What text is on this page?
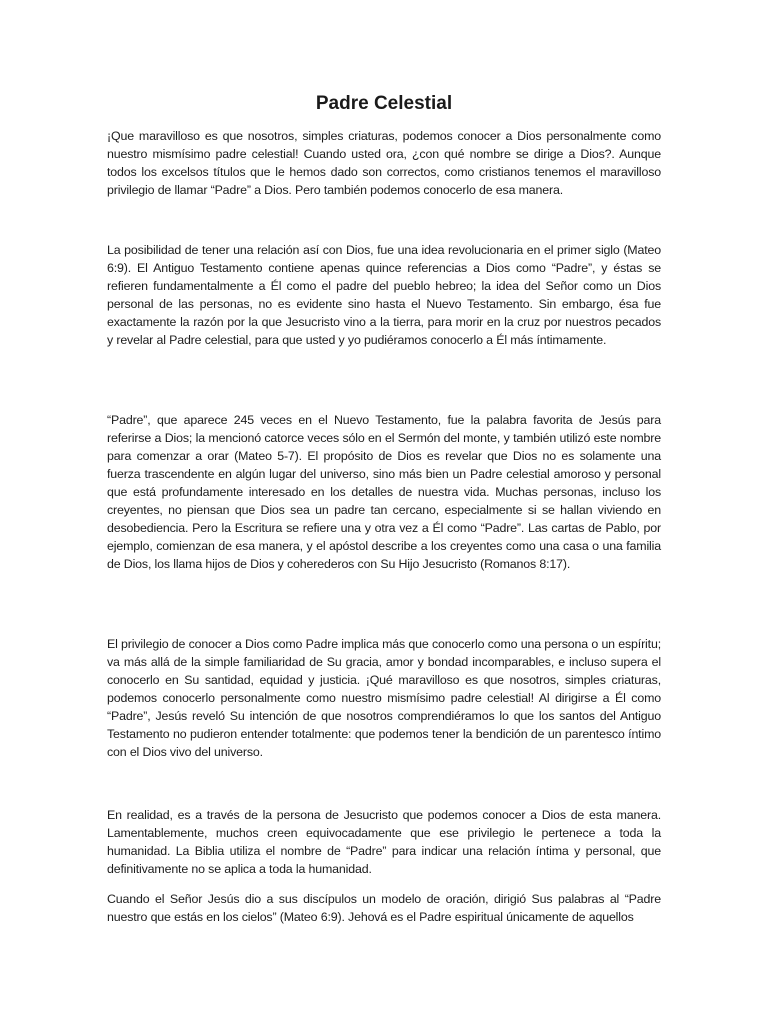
Padre Celestial

¡Que maravilloso es que nosotros, simples criaturas, podemos conocer a Dios personalmente como nuestro mismísimo padre celestial! Cuando usted ora, ¿con qué nombre se dirige a Dios?. Aunque todos los excelsos títulos que le hemos dado son correctos, como cristianos tenemos el maravilloso privilegio de llamar “Padre” a Dios. Pero también podemos conocerlo de esa manera.

La posibilidad de tener una relación así con Dios, fue una idea revolucionaria en el primer siglo (Mateo 6:9). El Antiguo Testamento contiene apenas quince referencias a Dios como “Padre”, y éstas se refieren fundamentalmente a Él como el padre del pueblo hebreo; la idea del Señor como un Dios personal de las personas, no es evidente sino hasta el Nuevo Testamento. Sin embargo, ésa fue exactamente la razón por la que Jesucristo vino a la tierra, para morir en la cruz por nuestros pecados y revelar al Padre celestial, para que usted y yo pudiéramos conocerlo a Él más íntimamente.

“Padre”, que aparece 245 veces en el Nuevo Testamento, fue la palabra favorita de Jesús para referirse a Dios; la mencionó catorce veces sólo en el Sermón del monte, y también utilizó este nombre para comenzar a orar (Mateo 5-7). El propósito de Dios es revelar que Dios no es solamente una fuerza trascendente en algún lugar del universo, sino más bien un Padre celestial amoroso y personal que está profundamente interesado en los detalles de nuestra vida. Muchas personas, incluso los creyentes, no piensan que Dios sea un padre tan cercano, especialmente si se hallan viviendo en desobediencia. Pero la Escritura se refiere una y otra vez a Él como “Padre”. Las cartas de Pablo, por ejemplo, comienzan de esa manera, y el apóstol describe a los creyentes como una casa o una familia de Dios, los llama hijos de Dios y coherederos con Su Hijo Jesucristo (Romanos 8:17).

El privilegio de conocer a Dios como Padre implica más que conocerlo como una persona o un espíritu; va más allá de la simple familiaridad de Su gracia, amor y bondad incomparables, e incluso supera el conocerlo en Su santidad, equidad y justicia. ¡Qué maravilloso es que nosotros, simples criaturas, podemos conocerlo personalmente como nuestro mismísimo padre celestial! Al dirigirse a Él como “Padre”, Jesús reveló Su intención de que nosotros comprendiéramos lo que los santos del Antiguo Testamento no pudieron entender totalmente: que podemos tener la bendición de un parentesco íntimo con el Dios vivo del universo.

En realidad, es a través de la persona de Jesucristo que podemos conocer a Dios de esta manera. Lamentablemente, muchos creen equivocadamente que ese privilegio le pertenece a toda la humanidad. La Biblia utiliza el nombre de “Padre” para indicar una relación íntima y personal, que definitivamente no se aplica a toda la humanidad.

Cuando el Señor Jesús dio a sus discípulos un modelo de oración, dirigió Sus palabras al “Padre nuestro que estás en los cielos” (Mateo 6:9). Jehová es el Padre espiritual únicamente de aquellos
